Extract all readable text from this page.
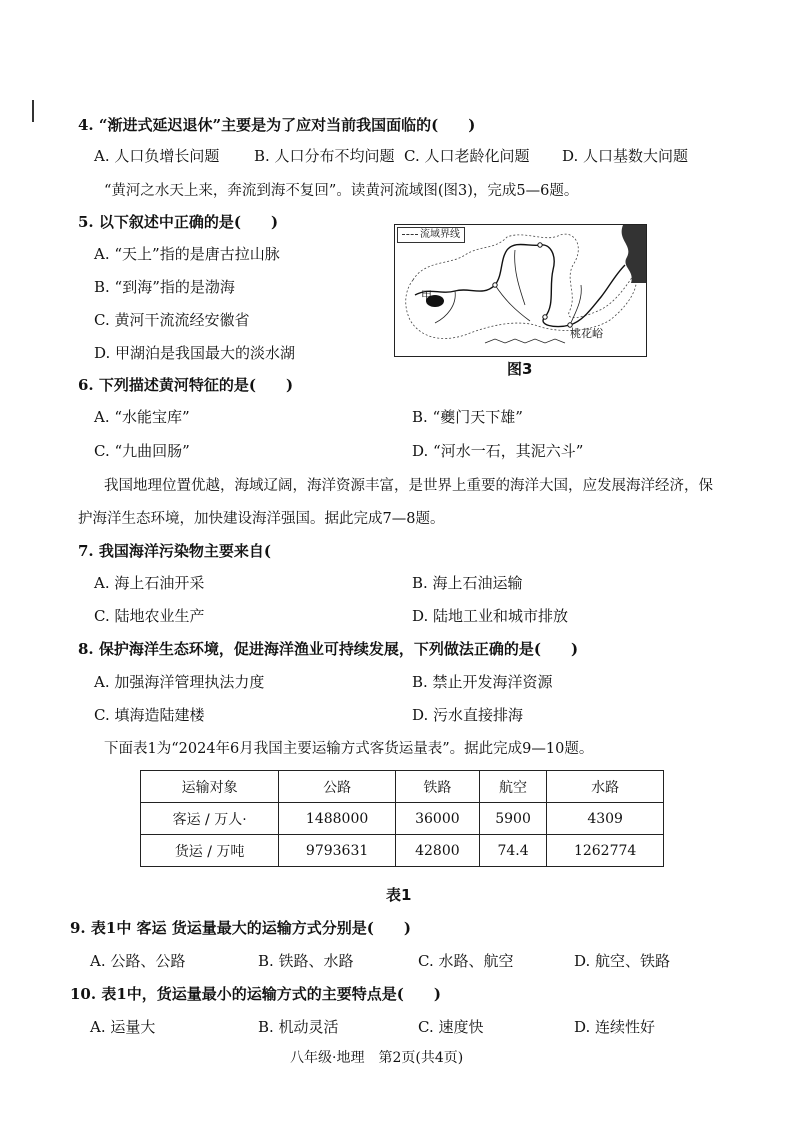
4. “渐进式延迟退休”主要是为了应对当前我国面临的(　　)
A. 人口负增长问题 B. 人口分布不均问题 C. 人口老龄化问题 D. 人口基数大问题
“黄河之水天上来，奔流到海不复回”。读黄河流域图(图3)，完成5—6题。
5. 以下叙述中正确的是(　　)
A. “天上”指的是唐古拉山脉
B. “到海”指的是渤海
C. 黄河干流流经安徽省
D. 甲湖泊是我国最大的淡水湖
流域界线
甲
桃花峪
图3
6. 下列描述黄河特征的是(　　)
A. “水能宝库”	B. “夔门天下雄”
C. “九曲回肠”	D. “河水一石，其泥六斗”
我国地理位置优越，海域辽阔，海洋资源丰富，是世界上重要的海洋大国，应发展海洋经济，保
护海洋生态环境，加快建设海洋强国。据此完成7—8题。
7. 我国海洋污染物主要来自(
A. 海上石油开采	B. 海上石油运输
C. 陆地农业生产	D. 陆地工业和城市排放
8. 保护海洋生态环境，促进海洋渔业可持续发展，下列做法正确的是(　　)
A. 加强海洋管理执法力度	B. 禁止开发海洋资源
C. 填海造陆建楼	D. 污水直接排海
下面表1为“2024年6月我国主要运输方式客货运量表”。据此完成9—10题。
运输对象	公路	铁路	航空	水路
客运 / 万人·	1488000	36000	5900	4309
货运 / 万吨	9793631	42800	74.4	1262774
表1
9. 表1中 客运 货运量最大的运输方式分别是(　　)
A. 公路、公路	B. 铁路、水路	C. 水路、航空	D. 航空、铁路
10. 表1中，货运量最小的运输方式的主要特点是(　　)
A. 运量大	B. 机动灵活	C. 速度快	D. 连续性好
八年级·地理　第2页(共4页)
